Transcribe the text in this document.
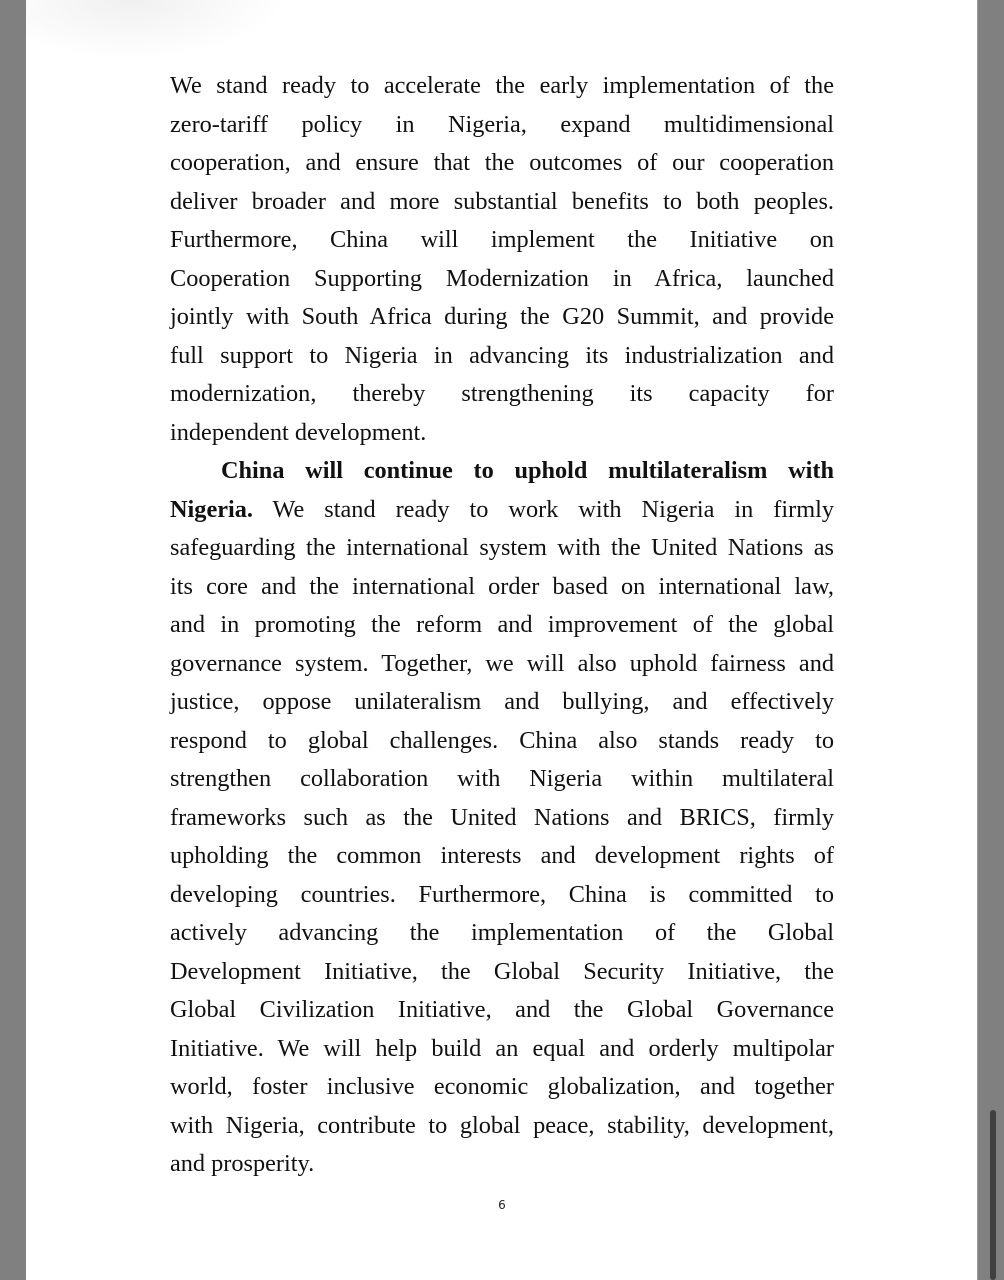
We stand ready to accelerate the early implementation of the
zero-tariff policy in Nigeria, expand multidimensional
cooperation, and ensure that the outcomes of our cooperation
deliver broader and more substantial benefits to both peoples.
Furthermore, China will implement the Initiative on
Cooperation Supporting Modernization in Africa, launched
jointly with South Africa during the G20 Summit, and provide
full support to Nigeria in advancing its industrialization and
modernization, thereby strengthening its capacity for
independent development.
China will continue to uphold multilateralism with
Nigeria. We stand ready to work with Nigeria in firmly
safeguarding the international system with the United Nations as
its core and the international order based on international law,
and in promoting the reform and improvement of the global
governance system. Together, we will also uphold fairness and
justice, oppose unilateralism and bullying, and effectively
respond to global challenges. China also stands ready to
strengthen collaboration with Nigeria within multilateral
frameworks such as the United Nations and BRICS, firmly
upholding the common interests and development rights of
developing countries. Furthermore, China is committed to
actively advancing the implementation of the Global
Development Initiative, the Global Security Initiative, the
Global Civilization Initiative, and the Global Governance
Initiative. We will help build an equal and orderly multipolar
world, foster inclusive economic globalization, and together
with Nigeria, contribute to global peace, stability, development,
and prosperity.
6
